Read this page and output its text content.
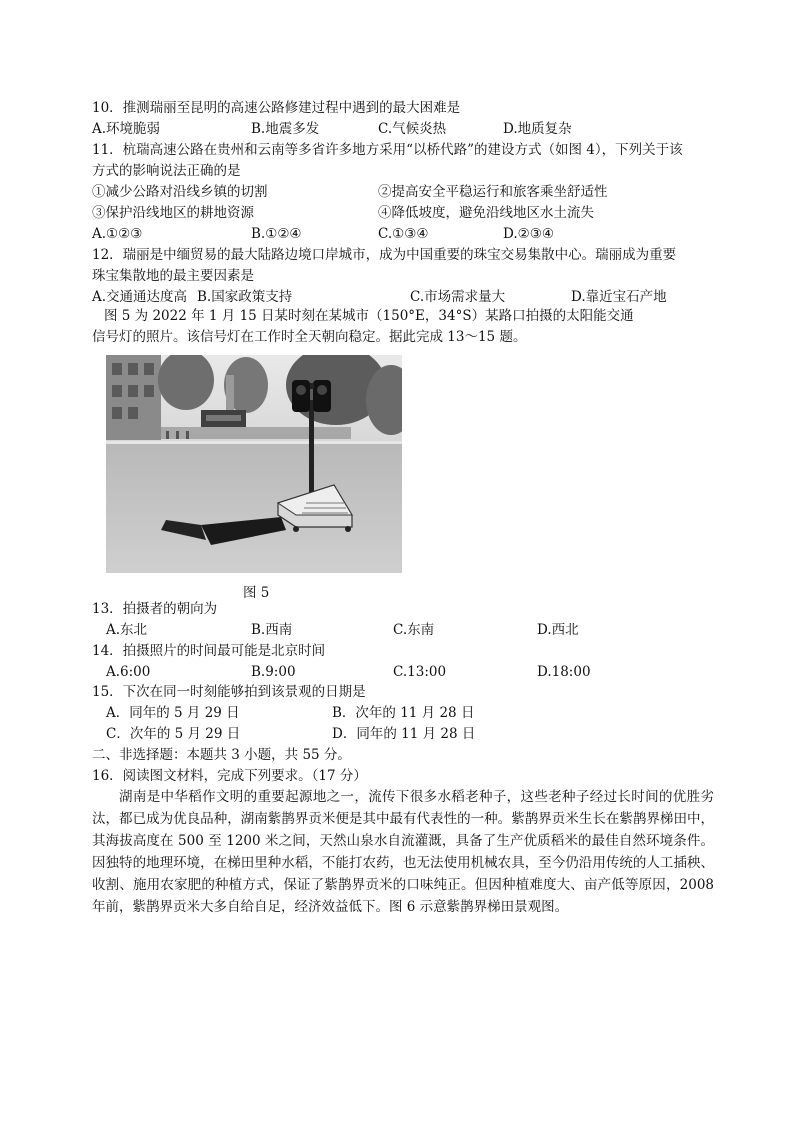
10．推测瑞丽至昆明的高速公路修建过程中遇到的最大困难是
A.环境脆弱	B.地震多发	C.气候炎热	D.地质复杂
11．杭瑞高速公路在贵州和云南等多省许多地方采用“以桥代路”的建设方式（如图 4），下列关于该
方式的影响说法正确的是
①减少公路对沿线乡镇的切割	②提高安全平稳运行和旅客乘坐舒适性
③保护沿线地区的耕地资源	④降低坡度，避免沿线地区水土流失
A.①②③	B.①②④	C.①③④	D.②③④
12．瑞丽是中缅贸易的最大陆路边境口岸城市，成为中国重要的珠宝交易集散中心。瑞丽成为重要
珠宝集散地的最主要因素是
A.交通通达度高 B.国家政策支持	C.市场需求量大	D.靠近宝石产地
图 5 为 2022 年 1 月 15 日某时刻在某城市（150°E，34°S）某路口拍摄的太阳能交通
信号灯的照片。该信号灯在工作时全天朝向稳定。据此完成 13～15 题。
图 5
13．拍摄者的朝向为
A.东北	B.西南	C.东南	D.西北
14．拍摄照片的时间最可能是北京时间
A.6:00	B.9:00	C.13:00	D.18:00
15．下次在同一时刻能够拍到该景观的日期是
A．同年的 5 月 29 日	B．次年的 11 月 28 日
C．次年的 5 月 29 日	D．同年的 11 月 28 日
二、非选择题：本题共 3 小题，共 55 分。
16．阅读图文材料，完成下列要求。（17 分）
湖南是中华稻作文明的重要起源地之一，流传下很多水稻老种子，这些老种子经过长时间的优胜劣汰，都已成为优良品种，湖南紫鹊界贡米便是其中最有代表性的一种。紫鹊界贡米生长在紫鹊界梯田中，其海拔高度在 500 至 1200 米之间，天然山泉水自流灌溉，具备了生产优质稻米的最佳自然环境条件。因独特的地理环境，在梯田里种水稻，不能打农药，也无法使用机械农具，至今仍沿用传统的人工插秧、收割、施用农家肥的种植方式，保证了紫鹊界贡米的口味纯正。但因种植难度大、亩产低等原因，2008 年前，紫鹊界贡米大多自给自足，经济效益低下。图 6 示意紫鹊界梯田景观图。
